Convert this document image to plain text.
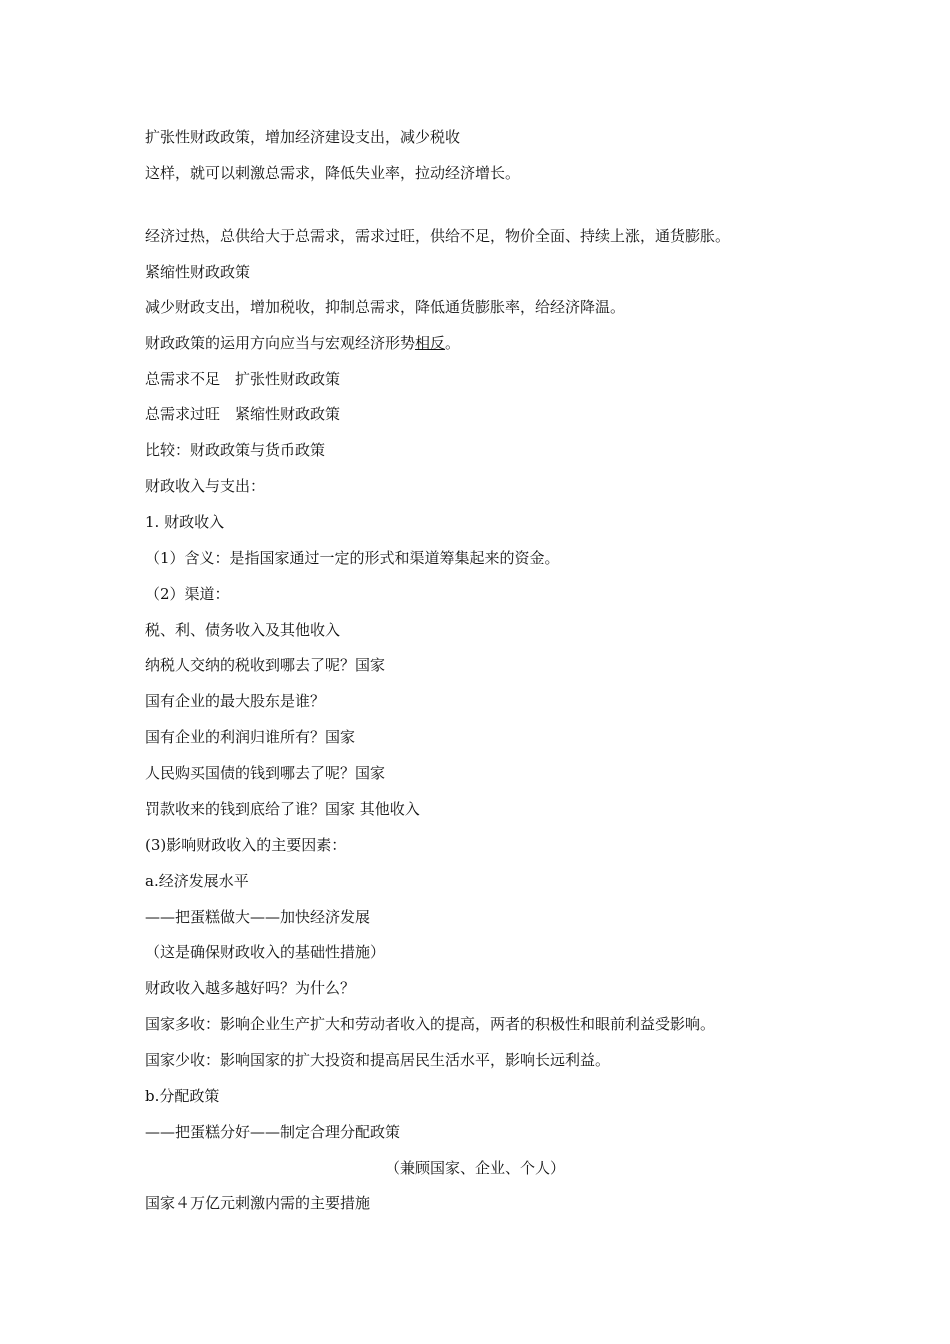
扩张性财政政策，增加经济建设支出，减少税收
这样，就可以刺激总需求，降低失业率，拉动经济增长。
经济过热，总供给大于总需求，需求过旺，供给不足，物价全面、持续上涨，通货膨胀。
紧缩性财政政策
减少财政支出，增加税收，抑制总需求，降低通货膨胀率，给经济降温。
财政政策的运用方向应当与宏观经济形势相反。
总需求不足　扩张性财政政策
总需求过旺　紧缩性财政政策
比较：财政政策与货币政策
财政收入与支出：
1. 财政收入
（1）含义：是指国家通过一定的形式和渠道筹集起来的资金。
（2）渠道：
税、利、债务收入及其他收入
纳税人交纳的税收到哪去了呢？国家
国有企业的最大股东是谁？
国有企业的利润归谁所有？国家
人民购买国债的钱到哪去了呢？国家
罚款收来的钱到底给了谁？国家 其他收入
(3)影响财政收入的主要因素：
a.经济发展水平
——把蛋糕做大——加快经济发展
（这是确保财政收入的基础性措施）
财政收入越多越好吗？为什么？
国家多收：影响企业生产扩大和劳动者收入的提高，两者的积极性和眼前利益受影响。
国家少收：影响国家的扩大投资和提高居民生活水平，影响长远利益。
b.分配政策
——把蛋糕分好——制定合理分配政策
（兼顾国家、企业、个人）
国家４万亿元刺激内需的主要措施
